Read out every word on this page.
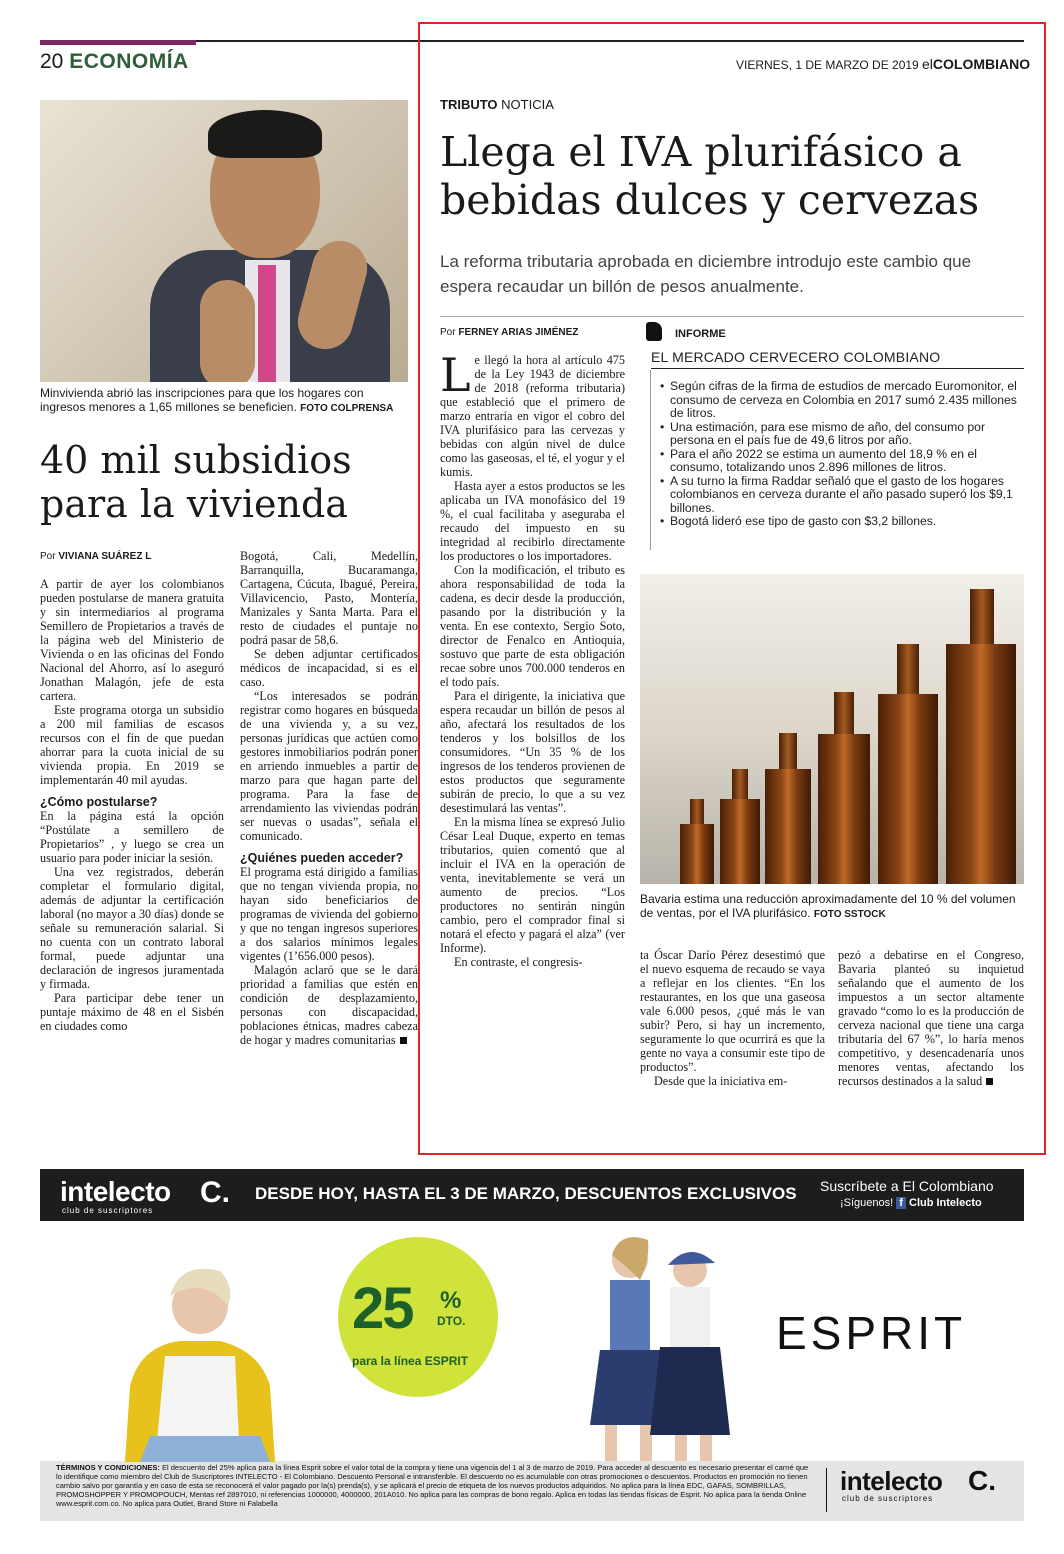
20 ECONOMÍA	VIERNES, 1 DE MARZO DE 2019 elCOLOMBIANO
Minvivienda abrió las inscripciones para que los hogares con ingresos menores a 1,65 millones se beneficien. FOTO COLPRENSA
40 mil subsidios para la vivienda
Por VIVIANA SUÁREZ L

A partir de ayer los colombianos pueden postularse de manera gratuita y sin intermediarios al programa Semillero de Propietarios a través de la página web del Ministerio de Vivienda o en las oficinas del Fondo Nacional del Ahorro, así lo aseguró Jonathan Malagón, jefe de esta cartera.

Este programa otorga un subsidio a 200 mil familias de escasos recursos con el fin de que puedan ahorrar para la cuota inicial de su vivienda propia. En 2019 se implementarán 40 mil ayudas.

¿Cómo postularse?

En la página está la opción “Postúlate a semillero de Propietarios” , y luego se crea un usuario para poder iniciar la sesión.

Una vez registrados, deberán completar el formulario digital, además de adjuntar la certificación laboral (no mayor a 30 días) donde se señale su remuneración salarial. Si no cuenta con un contrato laboral formal, puede adjuntar una declaración de ingresos juramentada y firmada.

Para participar debe tener un puntaje máximo de 48 en el Sisbén en ciudades como

Bogotá, Cali, Medellín, Barranquilla, Bucaramanga, Cartagena, Cúcuta, Ibagué, Pereira, Villavicencio, Pasto, Montería, Manizales y Santa Marta. Para el resto de ciudades el puntaje no podrá pasar de 58,6.

Se deben adjuntar certificados médicos de incapacidad, si es el caso.

“Los interesados se podrán registrar como hogares en búsqueda de una vivienda y, a su vez, personas jurídicas que actúen como gestores inmobiliarios podrán poner en arriendo inmuebles a partir de marzo para que hagan parte del programa. Para la fase de arrendamiento las viviendas podrán ser nuevas o usadas”, señala el comunicado.

¿Quiénes pueden acceder?

El programa está dirigido a familias que no tengan vivienda propia, no hayan sido beneficiarios de programas de vivienda del gobierno y que no tengan ingresos superiores a dos salarios mínimos legales vigentes (1’656.000 pesos).

Malagón aclaró que se le dará prioridad a familias que estén en condición de desplazamiento, personas con discapacidad, poblaciones étnicas, madres cabeza de hogar y madres comunitarias

TRIBUTO NOTICIA
Llega el IVA plurifásico a bebidas dulces y cervezas
La reforma tributaria aprobada en diciembre introdujo este cambio que espera recaudar un billón de pesos anualmente.
Por FERNEY ARIAS JIMÉNEZ

Le llegó la hora al artículo 475 de la Ley 1943 de diciembre de 2018 (reforma tributaria) que estableció que el primero de marzo entraría en vigor el cobro del IVA plurifásico para las cervezas y bebidas con algún nivel de dulce como las gaseosas, el té, el yogur y el kumis.

Hasta ayer a estos productos se les aplicaba un IVA monofásico del 19 %, el cual facilitaba y aseguraba el recaudo del impuesto en su integridad al recibirlo directamente los productores o los importadores.

Con la modificación, el tributo es ahora responsabilidad de toda la cadena, es decir desde la producción, pasando por la distribución y la venta. En ese contexto, Sergio Soto, director de Fenalco en Antioquia, sostuvo que parte de esta obligación recae sobre unos 700.000 tenderos en el todo país.

Para el dirigente, la iniciativa que espera recaudar un billón de pesos al año, afectará los resultados de los tenderos y los bolsillos de los consumidores. “Un 35 % de los ingresos de los tenderos provienen de estos productos que seguramente subirán de precio, lo que a su vez desestimulará las ventas”.

En la misma línea se expresó Julio César Leal Duque, experto en temas tributarios, quien comentó que al incluir el IVA en la operación de venta, inevitablemente se verá un aumento de precios. “Los productores no sentirán ningún cambio, pero el comprador final si notará el efecto y pagará el alza” (ver Informe).

En contraste, el congresis-

INFORME
EL MERCADO CERVECERO COLOMBIANO
• Según cifras de la firma de estudios de mercado Euromonitor, el consumo de cerveza en Colombia en 2017 sumó 2.435 millones de litros.
• Una estimación, para ese mismo de año, del consumo por persona en el país fue de 49,6 litros por año.
• Para el año 2022 se estima un aumento del 18,9 % en el consumo, totalizando unos 2.896 millones de litros.
• A su turno la firma Raddar señaló que el gasto de los hogares colombianos en cerveza durante el año pasado superó los $9,1 billones.
• Bogotá lideró ese tipo de gasto con $3,2 billones.
Bavaria estima una reducción aproximadamente del 10 % del volumen de ventas, por el IVA plurifásico. FOTO SSTOCK

ta Óscar Darío Pérez desestimó que el nuevo esquema de recaudo se vaya a reflejar en los clientes. “En los restaurantes, en los que una gaseosa vale 6.000 pesos, ¿qué más le van subir? Pero, si hay un incremento, seguramente lo que ocurrirá es que la gente no vaya a consumir este tipo de productos”.

Desde que la iniciativa em-

pezó a debatirse en el Congreso, Bavaria planteó su inquietud señalando que el aumento de los impuestos a un sector altamente gravado “como lo es la producción de cerveza nacional que tiene una carga tributaria del 67 %”, lo haría menos competitivo, y desencadenaría unos menores ventas, afectando los recursos destinados a la salud

intelecto
club de suscriptores
C. DESDE HOY, HASTA EL 3 DE MARZO, DESCUENTOS EXCLUSIVOS Suscríbete a El Colombiano
¡Síguenos! f Club Intelecto
25 %
DTO.
para la línea ESPRIT
ESPRIT
TÉRMINOS Y CONDICIONES: El descuento del 25% aplica para la línea Esprit sobre el valor total de la compra y tiene una vigencia del 1 al 3 de marzo de 2019. Para acceder al descuento es necesario presentar el carné que lo identifique como miembro del Club de Suscriptores INTELECTO - El Colombiano. Descuento Personal e intransferible. El descuento no es acumulable con otras promociones o descuentos. Productos en promoción no tienen cambio salvo por garantía y en caso de esta se reconocerá el valor pagado por la(s) prenda(s), y se aplicará el precio de etiqueta de los nuevos productos adquiridos. No aplica para la línea EDC, GAFAS, SOMBRILLAS, PROMOSHOPPER Y PROMOPOUCH, Mentas ref 2897010, ni referencias 1000000, 4000000, 201A010. No aplica para las compras de bono regalo. Aplica en todas las tiendas físicas de Esprit. No aplica para la tienda Online www.esprit.com.co. No aplica para Outlet, Brand Store ni Falabella
intelecto C.
club de suscriptores
